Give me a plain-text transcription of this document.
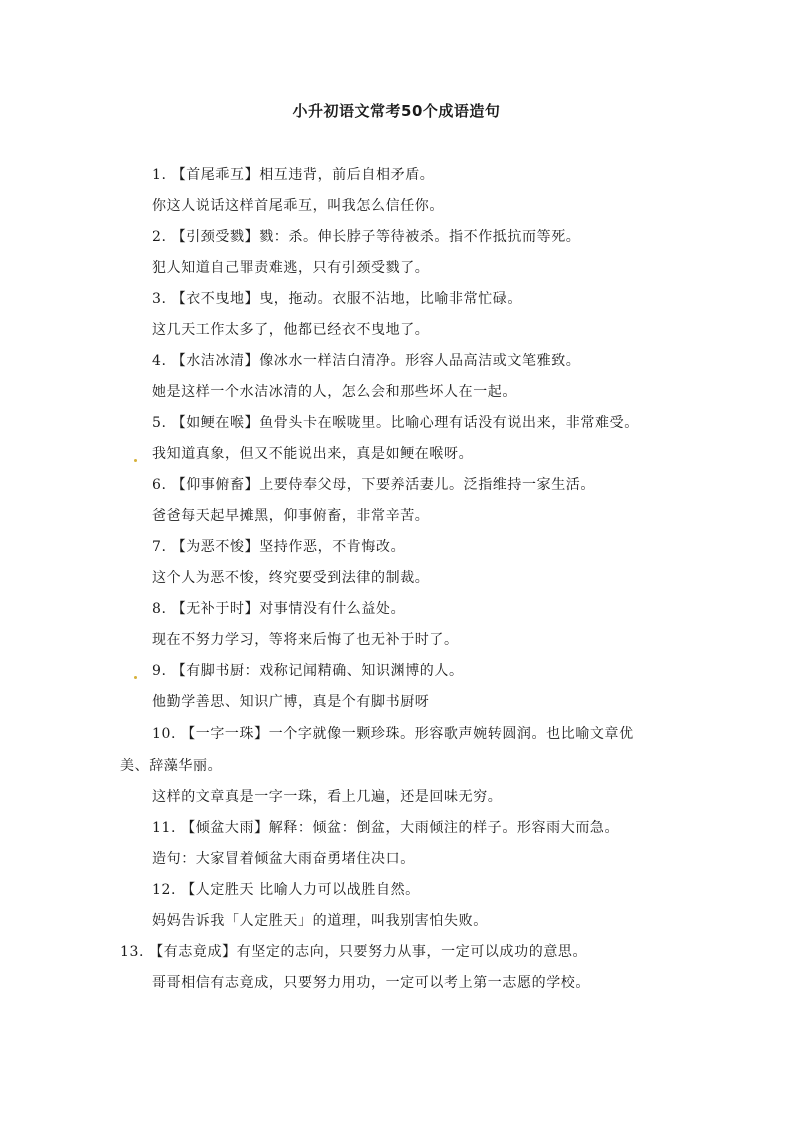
小升初语文常考50个成语造句
1. 【首尾乖互】相互违背，前后自相矛盾。
你这人说话这样首尾乖互，叫我怎么信任你。
2. 【引颈受戮】戮：杀。伸长脖子等待被杀。指不作抵抗而等死。
犯人知道自己罪责难逃，只有引颈受戮了。
3. 【衣不曳地】曳，拖动。衣服不沾地，比喻非常忙碌。
这几天工作太多了，他都已经衣不曳地了。
4. 【水洁冰清】像冰水一样洁白清净。形容人品高洁或文笔雅致。
她是这样一个水洁冰清的人，怎么会和那些坏人在一起。
5. 【如鲠在喉】鱼骨头卡在喉咙里。比喻心理有话没有说出来，非常难受。
我知道真象，但又不能说出来，真是如鲠在喉呀。
6. 【仰事俯畜】上要侍奉父母，下要养活妻儿。泛指维持一家生活。
爸爸每天起早摊黑，仰事俯畜，非常辛苦。
7. 【为恶不悛】坚持作恶，不肯悔改。
这个人为恶不悛，终究要受到法律的制裁。
8. 【无补于时】对事情没有什么益处。
现在不努力学习，等将来后悔了也无补于时了。
9. 【有脚书厨：戏称记闻精确、知识渊博的人。
他勤学善思、知识广博，真是个有脚书厨呀
10. 【一字一珠】一个字就像一颗珍珠。形容歌声婉转圆润。也比喻文章优
美、辞藻华丽。
这样的文章真是一字一珠，看上几遍，还是回味无穷。
11. 【倾盆大雨】解释：倾盆：倒盆，大雨倾注的样子。形容雨大而急。
造句：大家冒着倾盆大雨奋勇堵住决口。
12. 【人定胜天 比喻人力可以战胜自然。
妈妈告诉我「人定胜天」的道理，叫我别害怕失败。
13. 【有志竟成】有坚定的志向，只要努力从事，一定可以成功的意思。
哥哥相信有志竟成，只要努力用功，一定可以考上第一志愿的学校。
